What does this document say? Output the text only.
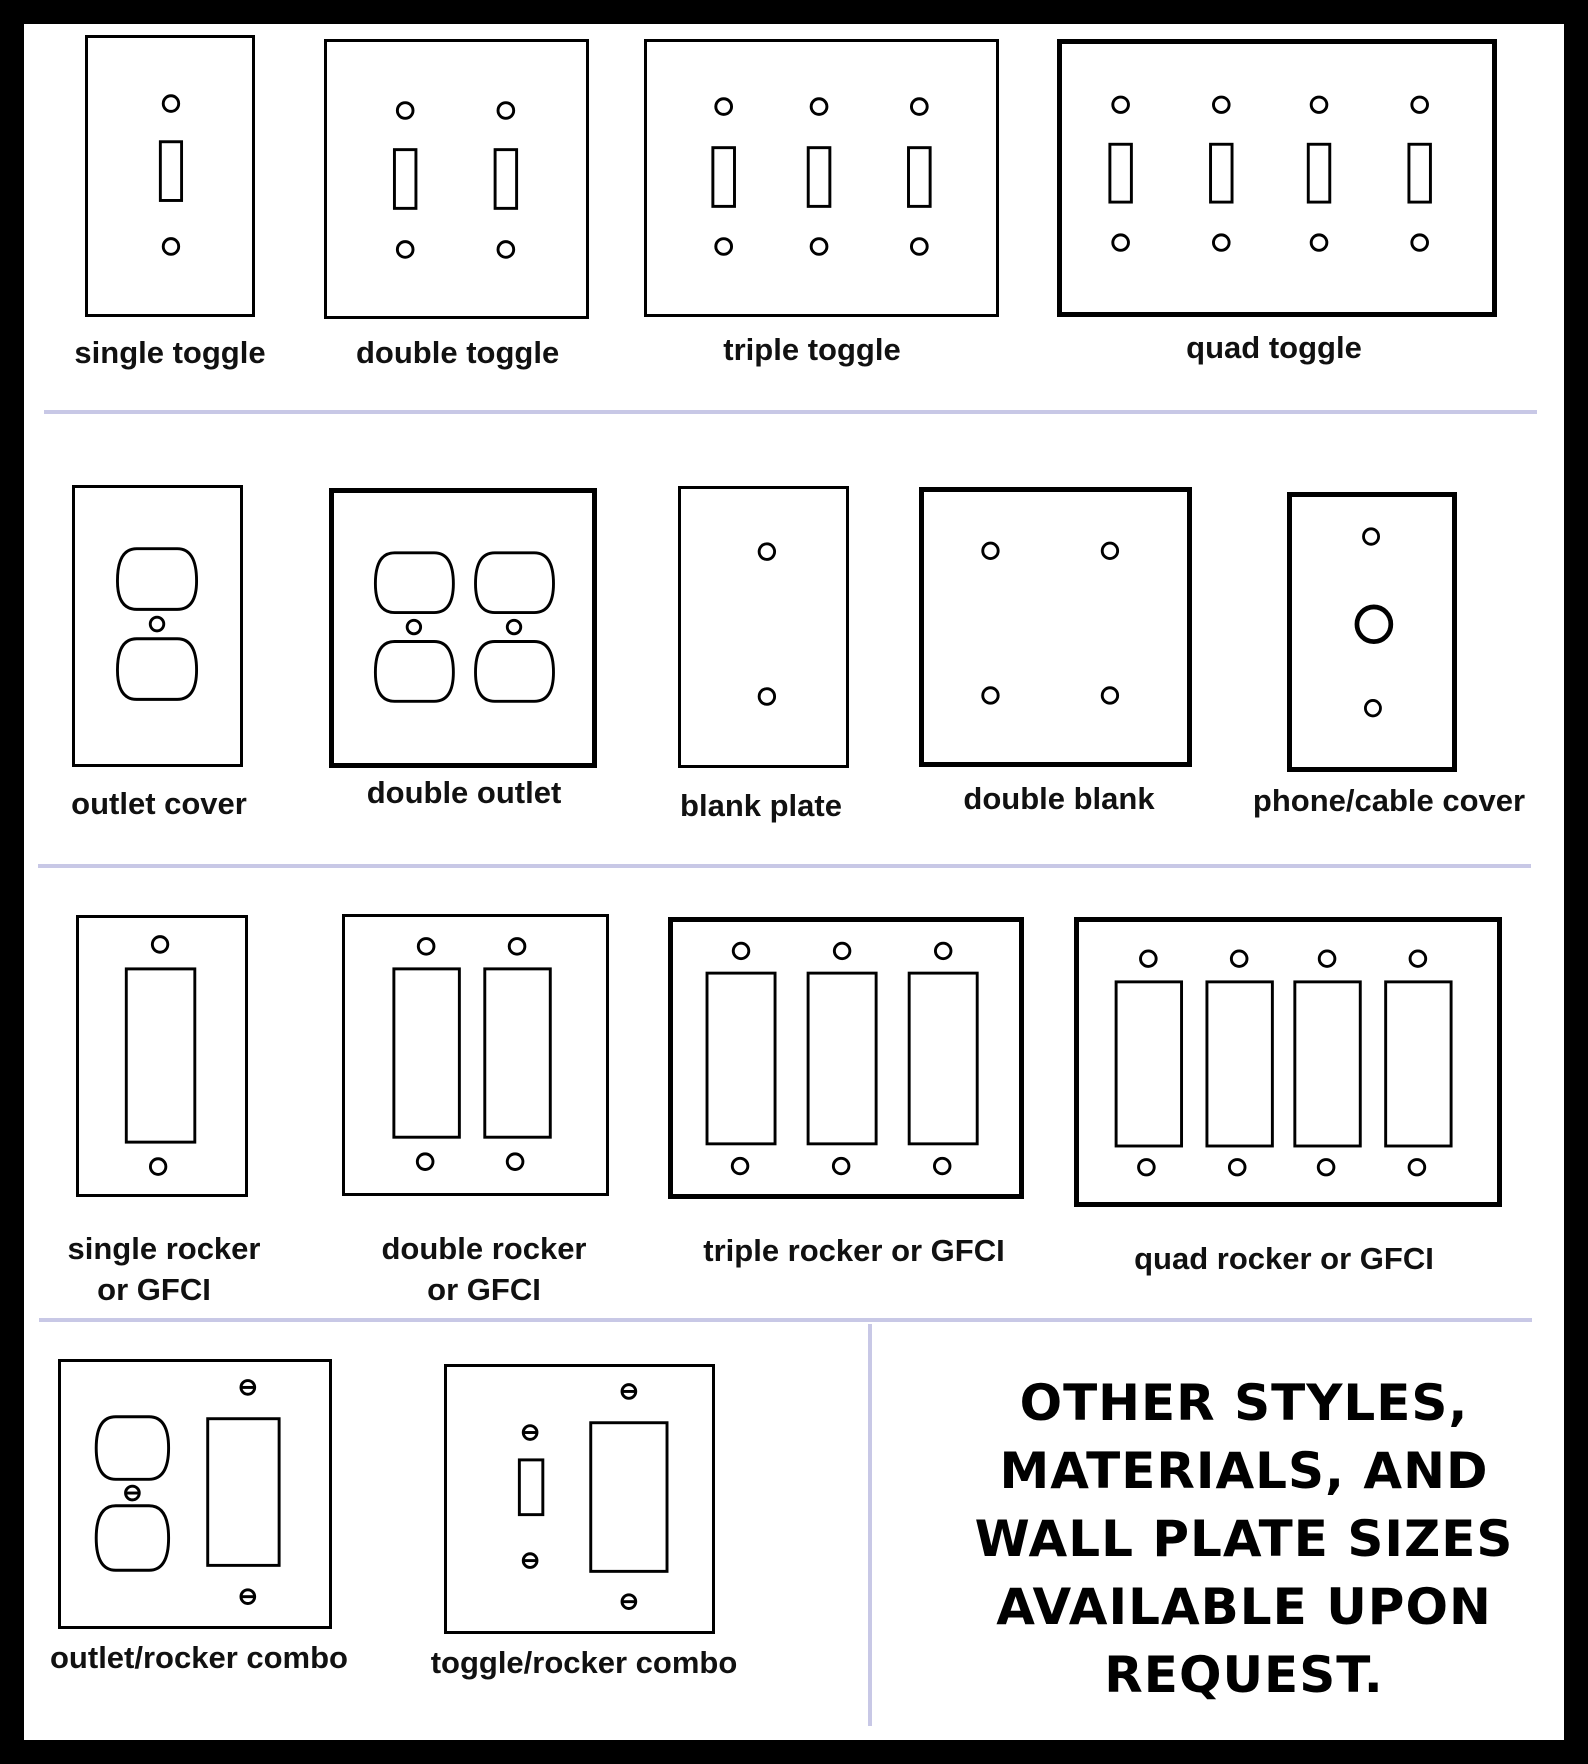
single toggle	double toggle	triple toggle	quad toggle
outlet cover	double outlet	blank plate	double blank	phone/cable cover
single rocker
or GFCI
double rocker
or GFCI
triple rocker or GFCI	quad rocker or GFCI
outlet/rocker combo	toggle/rocker combo
OTHER STYLES,
MATERIALS, AND
WALL PLATE SIZES
AVAILABLE UPON
REQUEST.
